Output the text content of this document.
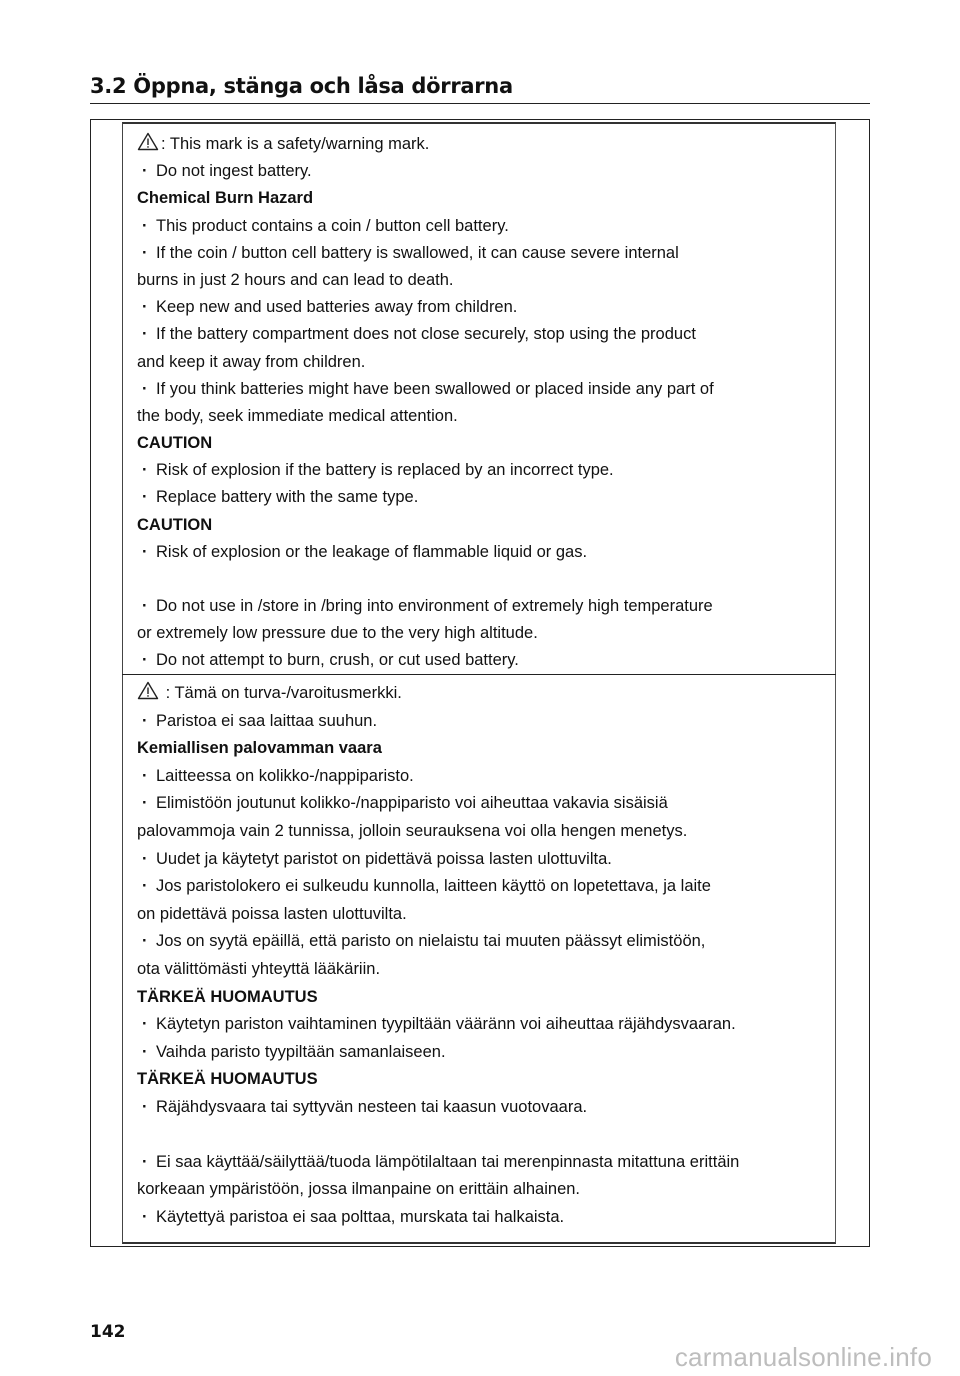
3.2 Öppna, stänga och låsa dörrarna
: This mark is a safety/warning mark.
· Do not ingest battery.
Chemical Burn Hazard
· This product contains a coin / button cell battery.
· If the coin / button cell battery is swallowed, it can cause severe internal
burns in just 2 hours and can lead to death.
· Keep new and used batteries away from children.
· If the battery compartment does not close securely, stop using the product
and keep it away from children.
· If you think batteries might have been swallowed or placed inside any part of
the body, seek immediate medical attention.
CAUTION
· Risk of explosion if the battery is replaced by an incorrect type.
· Replace battery with the same type.
CAUTION
· Risk of explosion or the leakage of flammable liquid or gas.
· Do not use in /store in /bring into environment of extremely high temperature
or extremely low pressure due to the very high altitude.
· Do not attempt to burn, crush, or cut used battery.
: Tämä on turva-/varoitusmerkki.
· Paristoa ei saa laittaa suuhun.
Kemiallisen palovamman vaara
· Laitteessa on kolikko-/nappiparisto.
· Elimistöön joutunut kolikko-/nappiparisto voi aiheuttaa vakavia sisäisiä
palovammoja vain 2 tunnissa, jolloin seurauksena voi olla hengen menetys.
· Uudet ja käytetyt paristot on pidettävä poissa lasten ulottuvilta.
· Jos paristolokero ei sulkeudu kunnolla, laitteen käyttö on lopetettava, ja laite
on pidettävä poissa lasten ulottuvilta.
· Jos on syytä epäillä, että paristo on nielaistu tai muuten päässyt elimistöön,
ota välittömästi yhteyttä lääkäriin.
TÄRKEÄ HUOMAUTUS
· Käytetyn pariston vaihtaminen tyypiltään vääränn voi aiheuttaa räjähdysvaaran.
· Vaihda paristo tyypiltään samanlaiseen.
TÄRKEÄ HUOMAUTUS
· Räjähdysvaara tai syttyvän nesteen tai kaasun vuotovaara.
· Ei saa käyttää/säilyttää/tuoda lämpötilaltaan tai merenpinnasta mitattuna erittäin
korkeaan ympäristöön, jossa ilmanpaine on erittäin alhainen.
· Käytettyä paristoa ei saa polttaa, murskata tai halkaista.
142
carmanualsonline.info
